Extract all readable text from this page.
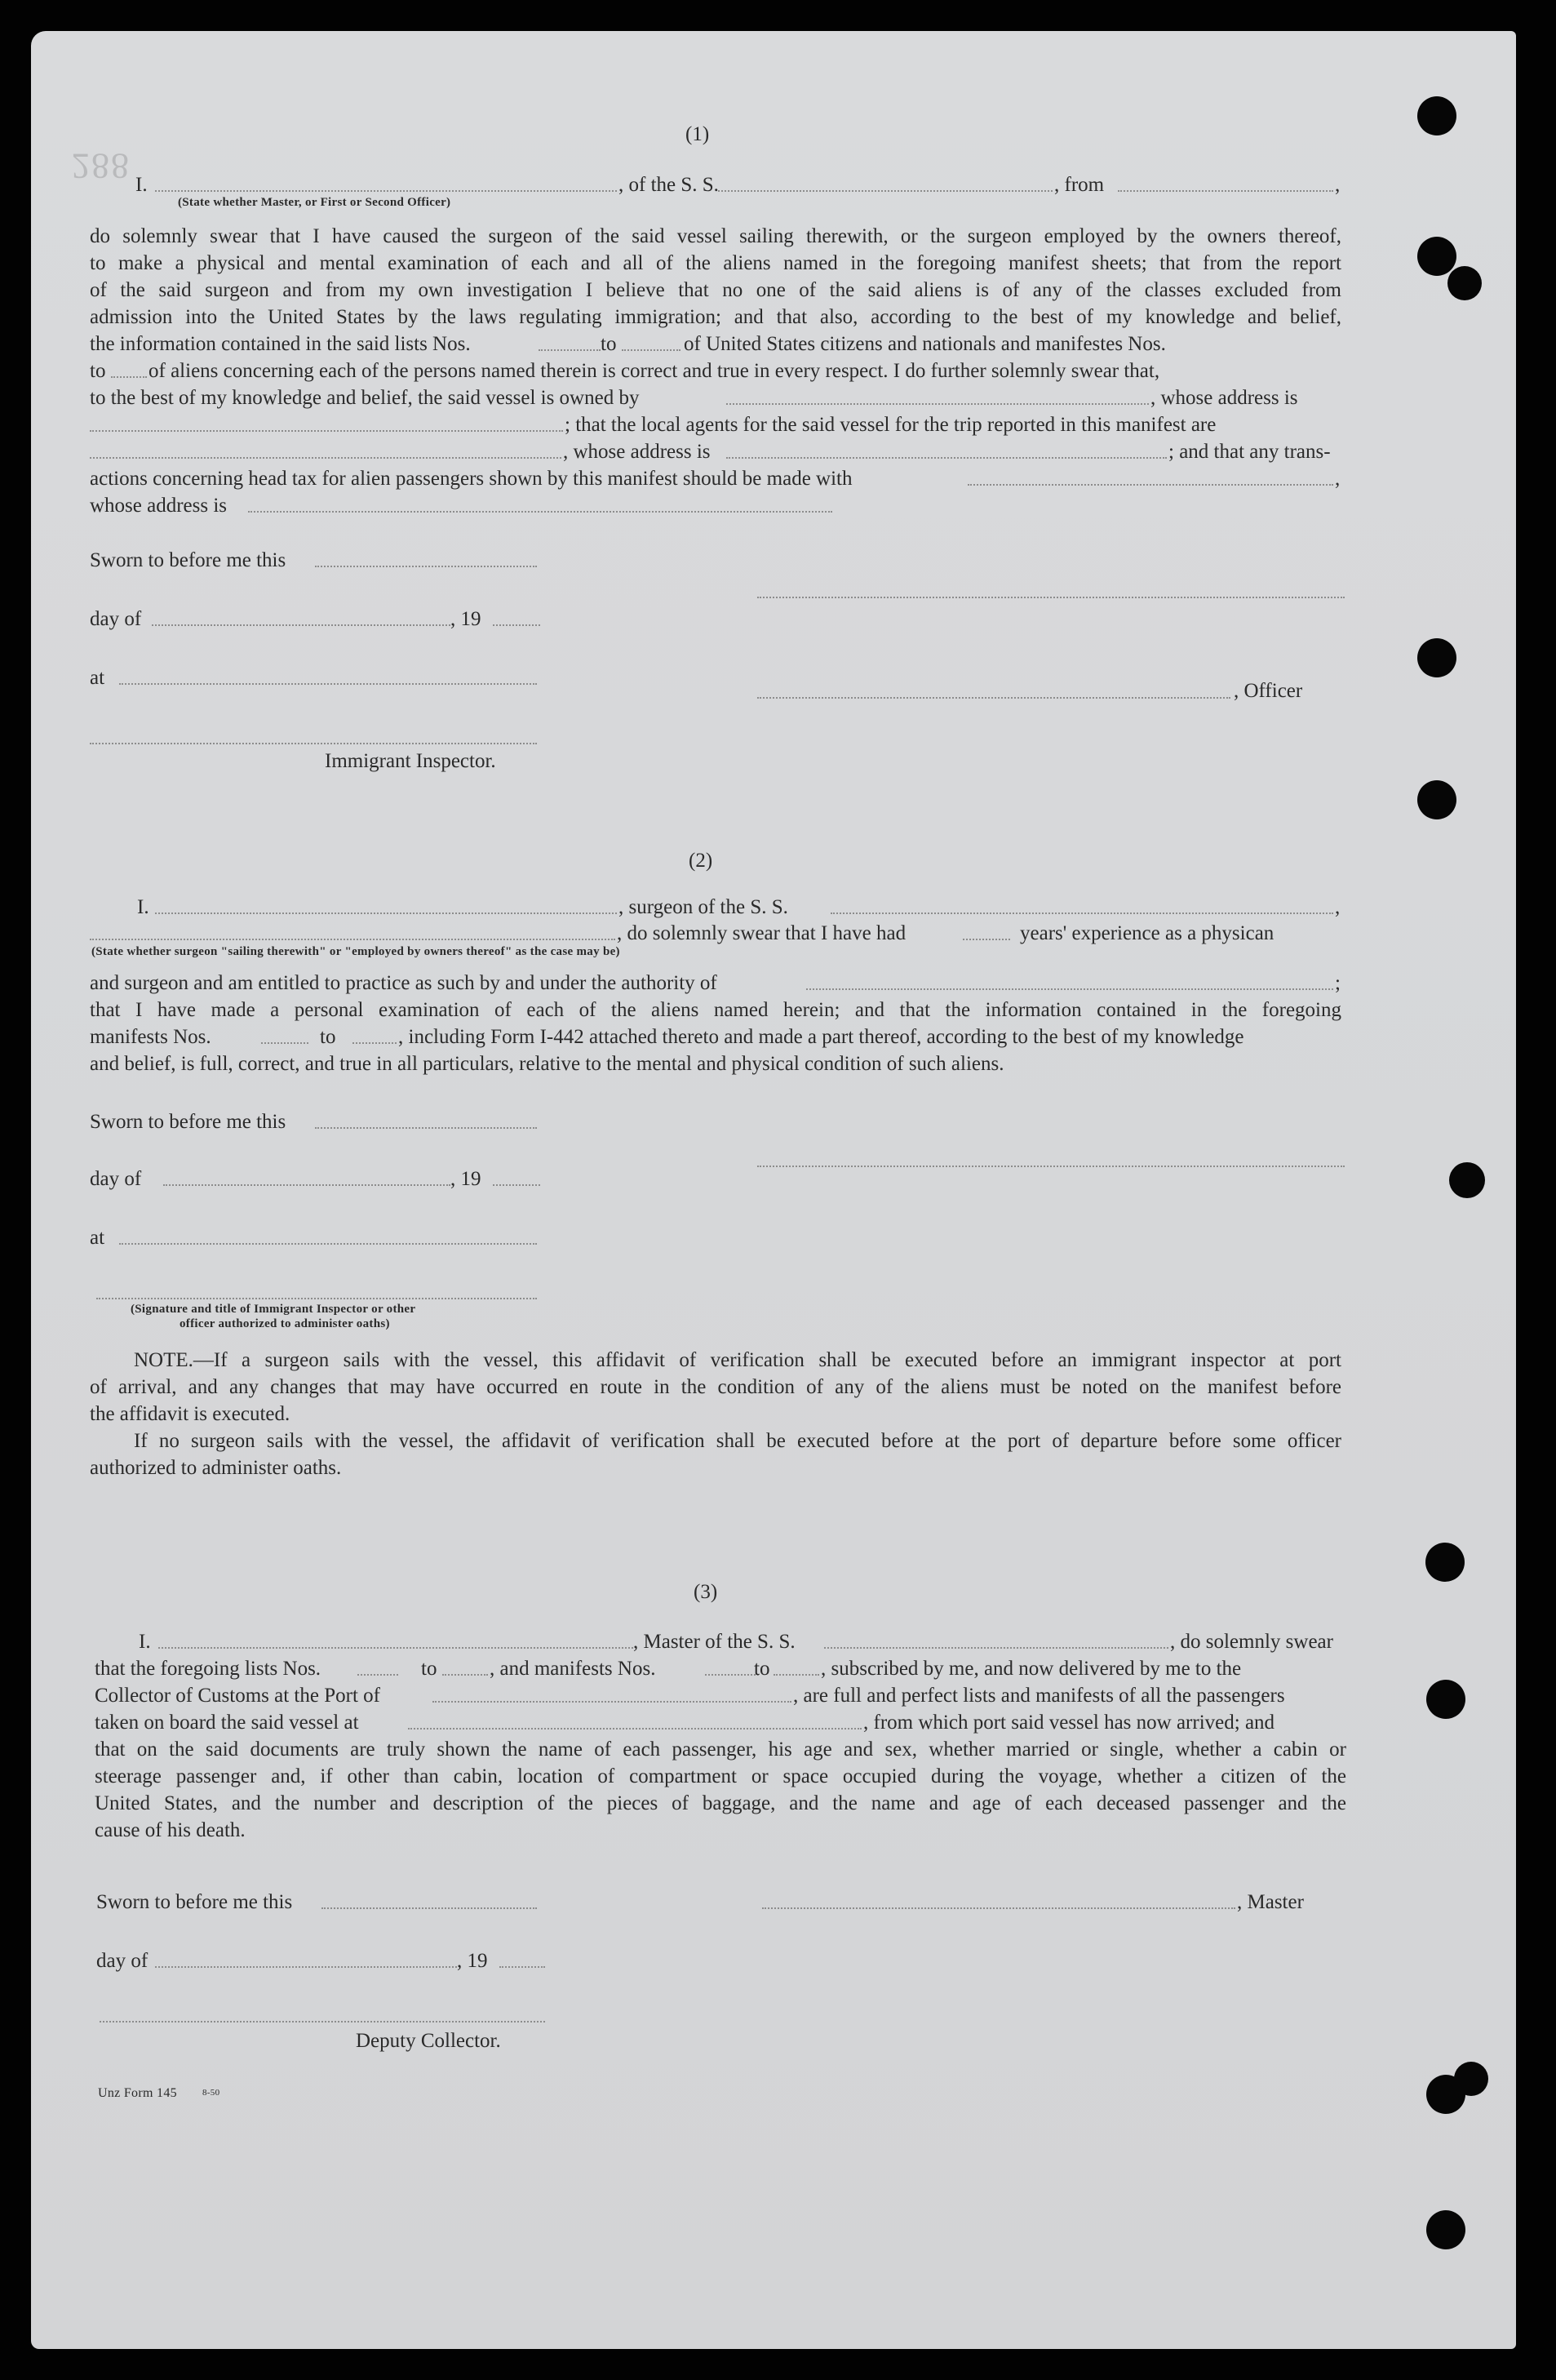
288
(1)
I.	, of the S. S.	, from	,
(State whether Master, or First or Second Officer)
do solemnly swear that I have caused the surgeon of the said vessel sailing therewith, or the surgeon employed by the owners thereof,
to make a physical and mental examination of each and all of the aliens named in the foregoing manifest sheets; that from the report
of the said surgeon and from my own investigation I believe that no one of the said aliens is of any of the classes excluded from
admission into the United States by the laws regulating immigration; and that also, according to the best of my knowledge and belief,
the information contained in the said lists Nos.	to	of United States citizens and nationals and manifestes Nos.
to of aliens concerning each of the persons named therein is correct and true in every respect. I do further solemnly swear that,
to the best of my knowledge and belief, the said vessel is owned by	, whose address is
; that the local agents for the said vessel for the trip reported in this manifest are
, whose address is	; and that any trans-
actions concerning head tax for alien passengers shown by this manifest should be made with	,
whose address is
Sworn to before me this
day of	, 19
at
, Officer
Immigrant Inspector.
(2)
I.	, surgeon of the S. S.	,
, do solemnly swear that I have had	years' experience as a physican
(State whether surgeon "sailing therewith" or "employed by owners thereof" as the case may be)
and surgeon and am entitled to practice as such by and under the authority of	;
that I have made a personal examination of each of the aliens named herein; and that the information contained in the foregoing
manifests Nos.	to	, including Form I-442 attached thereto and made a part thereof, according to the best of my knowledge
and belief, is full, correct, and true in all particulars, relative to the mental and physical condition of such aliens.
Sworn to before me this
day of	, 19
at
(Signature and title of Immigrant Inspector or other
officer authorized to administer oaths)
NOTE.—If a surgeon sails with the vessel, this affidavit of verification shall be executed before an immigrant inspector at port
of arrival, and any changes that may have occurred en route in the condition of any of the aliens must be noted on the manifest before
the affidavit is executed.
If no surgeon sails with the vessel, the affidavit of verification shall be executed before at the port of departure before some officer
authorized to administer oaths.
(3)
I.	, Master of the S. S.	, do solemnly swear
that the foregoing lists Nos.	to	, and manifests Nos.	to	, subscribed by me, and now delivered by me to the
Collector of Customs at the Port of	, are full and perfect lists and manifests of all the passengers
taken on board the said vessel at	, from which port said vessel has now arrived; and
that on the said documents are truly shown the name of each passenger, his age and sex, whether married or single, whether a cabin or
steerage passenger and, if other than cabin, location of compartment or space occupied during the voyage, whether a citizen of the
United States, and the number and description of the pieces of baggage, and the name and age of each deceased passenger and the
cause of his death.
Sworn to before me this	, Master
day of	, 19
Deputy Collector.
Unz Form 145	8-50
